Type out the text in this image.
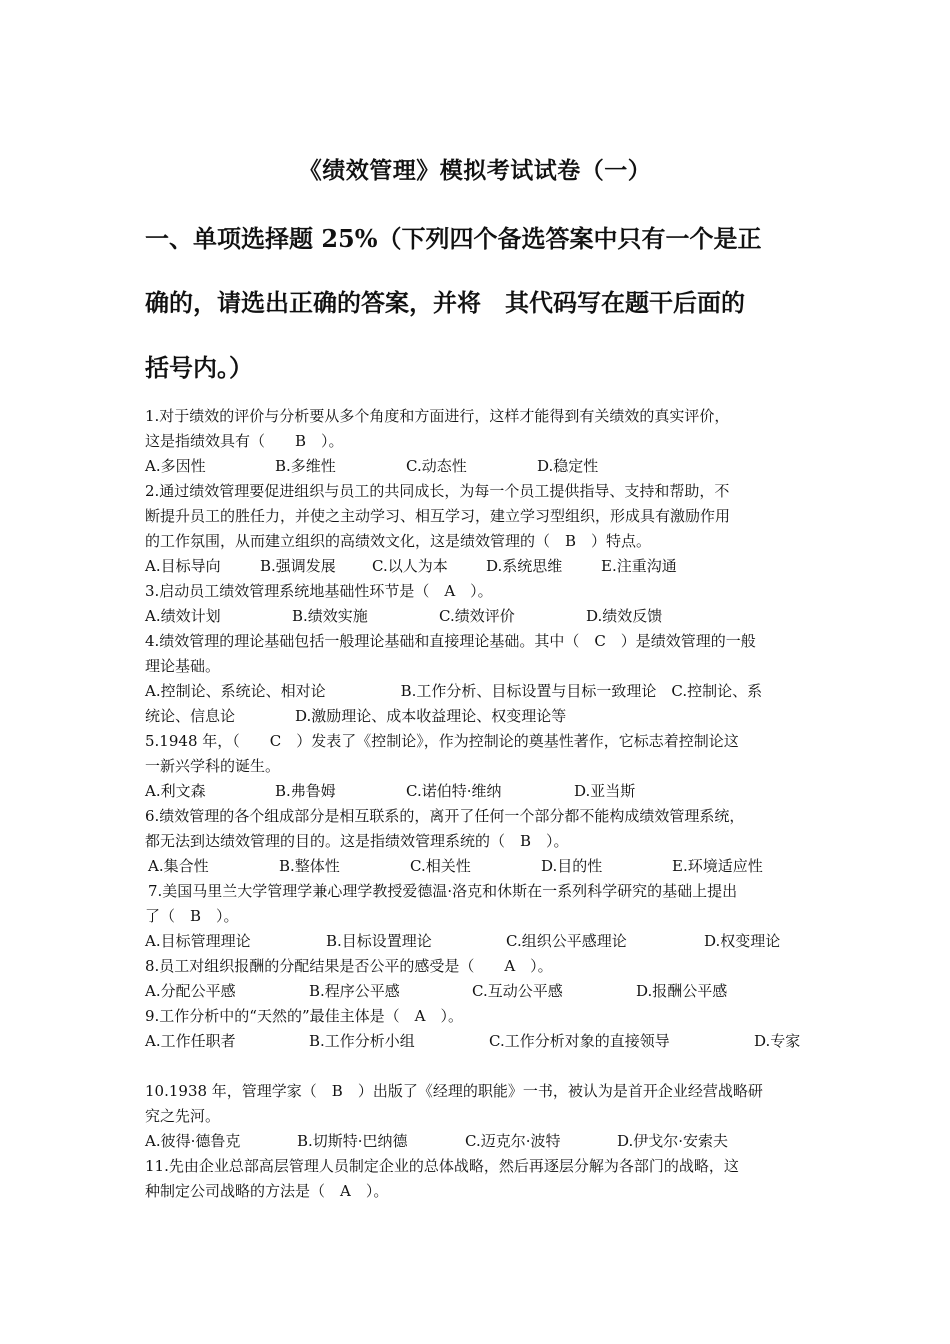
《绩效管理》模拟考试试卷（一）
一、单项选择题 25%（下列四个备选答案中只有一个是正
确的，请选出正确的答案，并将　其代码写在题干后面的
括号内。）
1.对于绩效的评价与分析要从多个角度和方面进行，这样才能得到有关绩效的真实评价，
这是指绩效具有（　　B　）。
A.多因性	B.多维性	C.动态性	D.稳定性
2.通过绩效管理要促进组织与员工的共同成长，为每一个员工提供指导、支持和帮助，不
断提升员工的胜任力，并使之主动学习、相互学习，建立学习型组织，形成具有激励作用
的工作氛围，从而建立组织的高绩效文化，这是绩效管理的（　B　）特点。
A.目标导向	B.强调发展 C.以人为本	D.系统思维	E.注重沟通
3.启动员工绩效管理系统地基础性环节是（　A　）。
A.绩效计划	B.绩效实施	C.绩效评价	D.绩效反馈
4.绩效管理的理论基础包括一般理论基础和直接理论基础。其中（　C　）是绩效管理的一般
理论基础。
A.控制论、系统论、相对论　　　　　B.工作分析、目标设置与目标一致理论　C.控制论、系
统论、信息论　　　　D.激励理论、成本收益理论、权变理论等
5.1948 年，（　　C　）发表了《控制论》，作为控制论的奠基性著作，它标志着控制论这
一新兴学科的诞生。
A.利文森	B.弗鲁姆	C.诺伯特·维纳	D.亚当斯
6.绩效管理的各个组成部分是相互联系的，离开了任何一个部分都不能构成绩效管理系统，
都无法到达绩效管理的目的。这是指绩效管理系统的（　B　）。
A.集合性	B.整体性	C.相关性	D.目的性	E.环境适应性
7.美国马里兰大学管理学兼心理学教授爱德温·洛克和休斯在一系列科学研究的基础上提出
了（　B　）。
A.目标管理理论	B.目标设置理论	C.组织公平感理论	D.权变理论
8.员工对组织报酬的分配结果是否公平的感受是（　　A　）。
A.分配公平感	B.程序公平感	C.互动公平感	D.报酬公平感
9.工作分析中的“天然的”最佳主体是（　A　）。
A.工作任职者	B.工作分析小组	C.工作分析对象的直接领导	D.专家
10.1938 年，管理学家（　B　）出版了《经理的职能》一书，被认为是首开企业经营战略研
究之先河。
A.彼得·德鲁克	B.切斯特·巴纳德	C.迈克尔·波特	D.伊戈尔·安索夫
11.先由企业总部高层管理人员制定企业的总体战略，然后再逐层分解为各部门的战略，这
种制定公司战略的方法是（　A　）。
